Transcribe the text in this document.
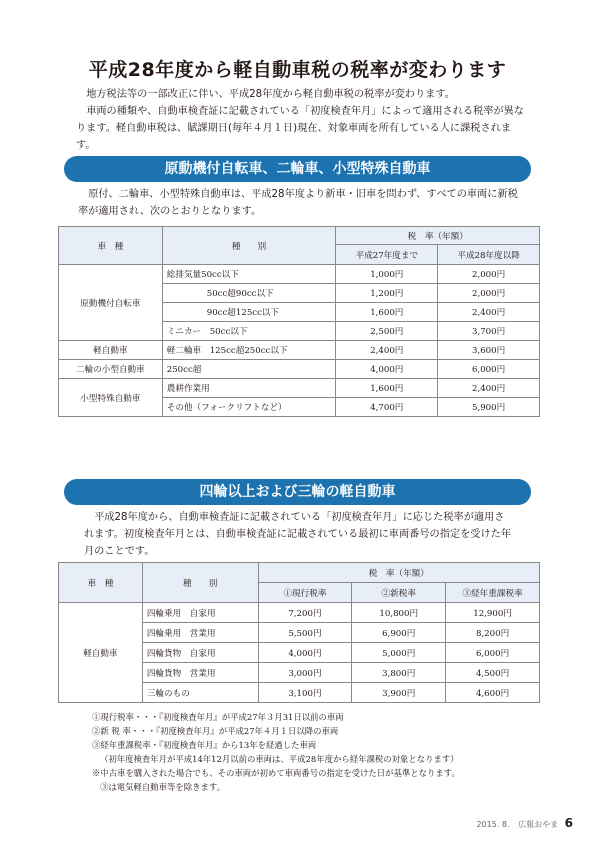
平成28年度から軽自動車税の税率が変わります

地方税法等の一部改正に伴い、平成28年度から軽自動車税の税率が変わります。

車両の種類や、自動車検査証に記載されている「初度検査年月」によって適用される税率が異なります。軽自動車税は、賦課期日(毎年４月１日)現在、対象車両を所有している人に課税されます。

原動機付自転車、二輪車、小型特殊自動車

原付、二輪車、小型特殊自動車は、平成28年度より新車・旧車を問わず、すべての車両に新税率が適用され、次のとおりとなります。

車　種	種　　別	税　率（年額）	
		平成27年度まで	平成28年度以降
原動機付自転車	総排気量50cc以下	1,000円	2,000円
	50cc超90cc以下	1,200円	2,000円
	90cc超125cc以下	1,600円	2,400円
	ミニカー　50cc以下	2,500円	3,700円
軽自動車	軽二輪車　125cc超250cc以下	2,400円	3,600円
二輪の小型自動車	250cc超	4,000円	6,000円
小型特殊自動車	農耕作業用	1,600円	2,400円
	その他（フォークリフトなど）	4,700円	5,900円
四輪以上および三輪の軽自動車

平成28年度から、自動車検査証に記載されている「初度検査年月」に応じた税率が適用されます。初度検査年月とは、自動車検査証に記載されている最初に車両番号の指定を受けた年月のことです。

車　種	種　　別	税　率（年額）		
		①現行税率	②新税率	③経年重課税率
軽自動車	四輪乗用　自家用	7,200円	10,800円	12,900円
	四輪乗用　営業用	5,500円	6,900円	8,200円
	四輪貨物　自家用	4,000円	5,000円	6,000円
	四輪貨物　営業用	3,000円	3,800円	4,500円
	三輪のもの	3,100円	3,900円	4,600円
①現行税率・・・『初度検査年月』が平成27年３月31日以前の車両
②新 税 率・・・『初度検査年月』が平成27年４月１日以降の車両
③経年重課税率・『初度検査年月』から13年を経過した車両
（初年度検査年月が平成14年12月以前の車両は、平成28年度から経年課税の対象となります）
※中古車を購入された場合でも、その車両が初めて車両番号の指定を受けた日が基準となります。
③は電気軽自動車等を除きます。
2015. 8. 広報おやま 6
